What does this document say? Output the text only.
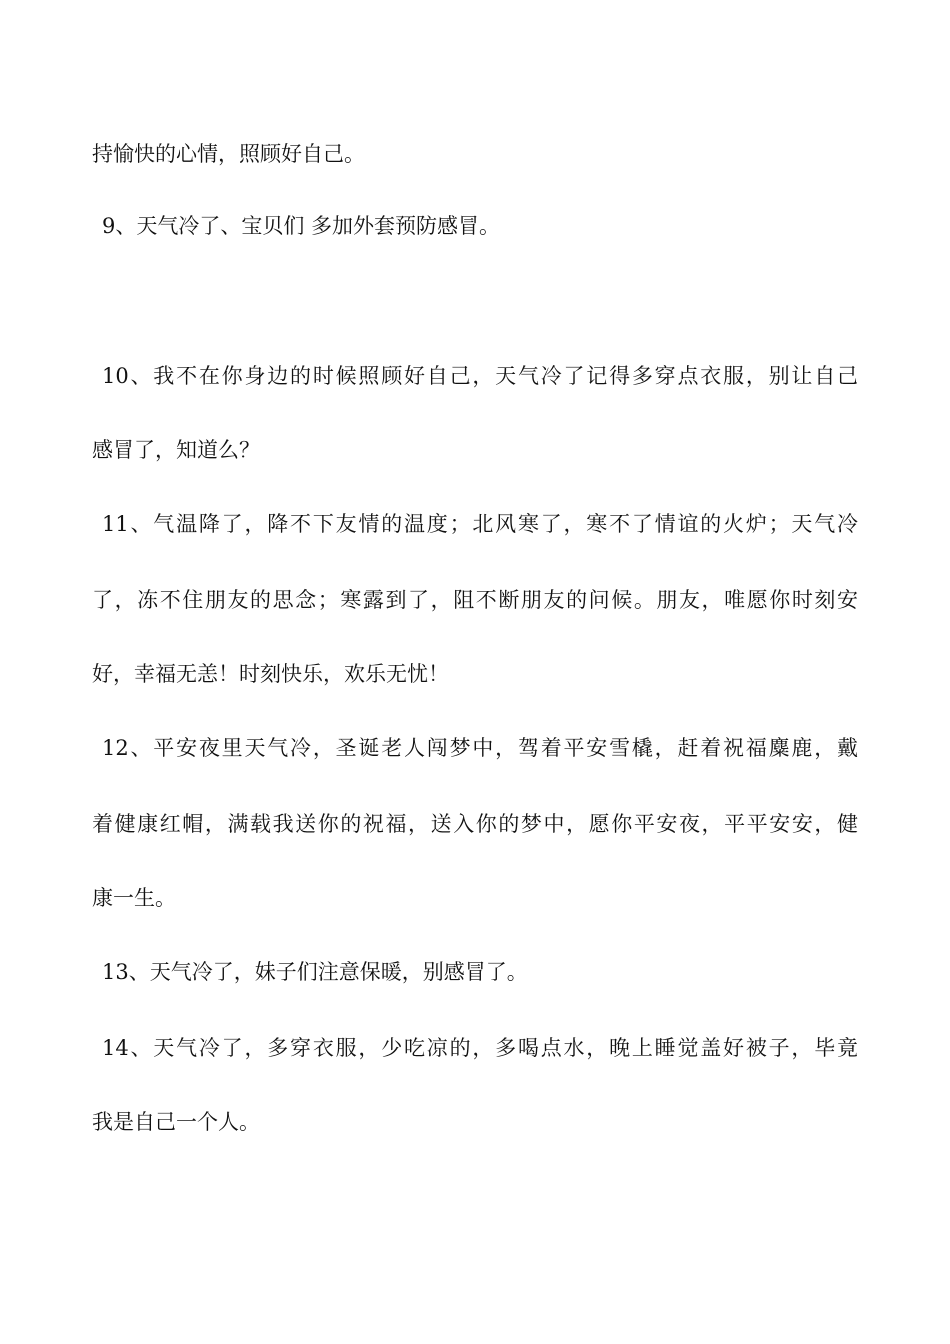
持愉快的心情，照顾好自己。
9、天气冷了、宝贝们 多加外套预防感冒。
10、我不在你身边的时候照顾好自己，天气冷了记得多穿点衣服，别让自己
感冒了，知道么？
11、气温降了，降不下友情的温度；北风寒了，寒不了情谊的火炉；天气冷
了，冻不住朋友的思念；寒露到了，阻不断朋友的问候。朋友，唯愿你时刻安
好，幸福无恙！时刻快乐，欢乐无忧！
12、平安夜里天气冷，圣诞老人闯梦中，驾着平安雪橇，赶着祝福麋鹿，戴
着健康红帽，满载我送你的祝福，送入你的梦中，愿你平安夜，平平安安，健
康一生。
13、天气冷了，妹子们注意保暖，别感冒了。
14、天气冷了，多穿衣服，少吃凉的，多喝点水，晚上睡觉盖好被子，毕竟
我是自己一个人。
